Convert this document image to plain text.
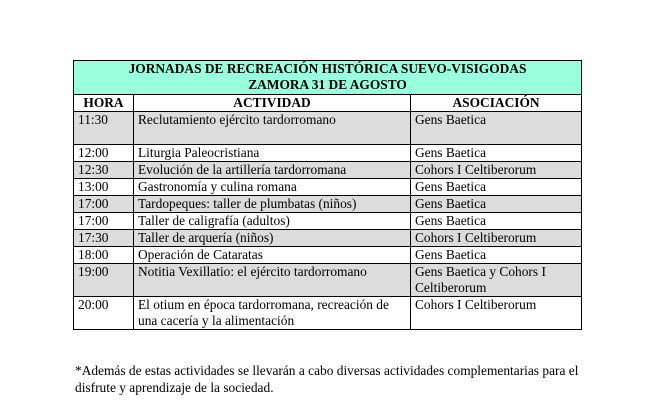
JORNADAS DE RECREACIÓN HISTÓRICA SUEVO-VISIGODAS
ZAMORA 31 DE AGOSTO		

HORA	ACTIVIDAD	ASOCIACIÓN
11:30	Reclutamiento ejército tardorromano	Gens Baetica
12:00	Liturgia Paleocristiana	Gens Baetica
12:30	Evolución de la artillería tardorromana	Cohors I Celtiberorum
13:00	Gastronomía y culina romana	Gens Baetica
17:00	Tardopeques: taller de plumbatas (niños)	Gens Baetica
17:00	Taller de caligrafía (adultos)	Gens Baetica
17:30	Taller de arquería (niños)	Cohors I Celtiberorum
18:00	Operación de Cataratas	Gens Baetica
19:00	Notitia Vexillatio: el ejército tardorromano	Gens Baetica y Cohors I Celtiberorum
20:00	El otium en época tardorromana, recreación de una cacería y la alimentación	Cohors I Celtiberorum

*Además de estas actividades se llevarán a cabo diversas actividades complementarias para el disfrute y aprendizaje de la sociedad.
